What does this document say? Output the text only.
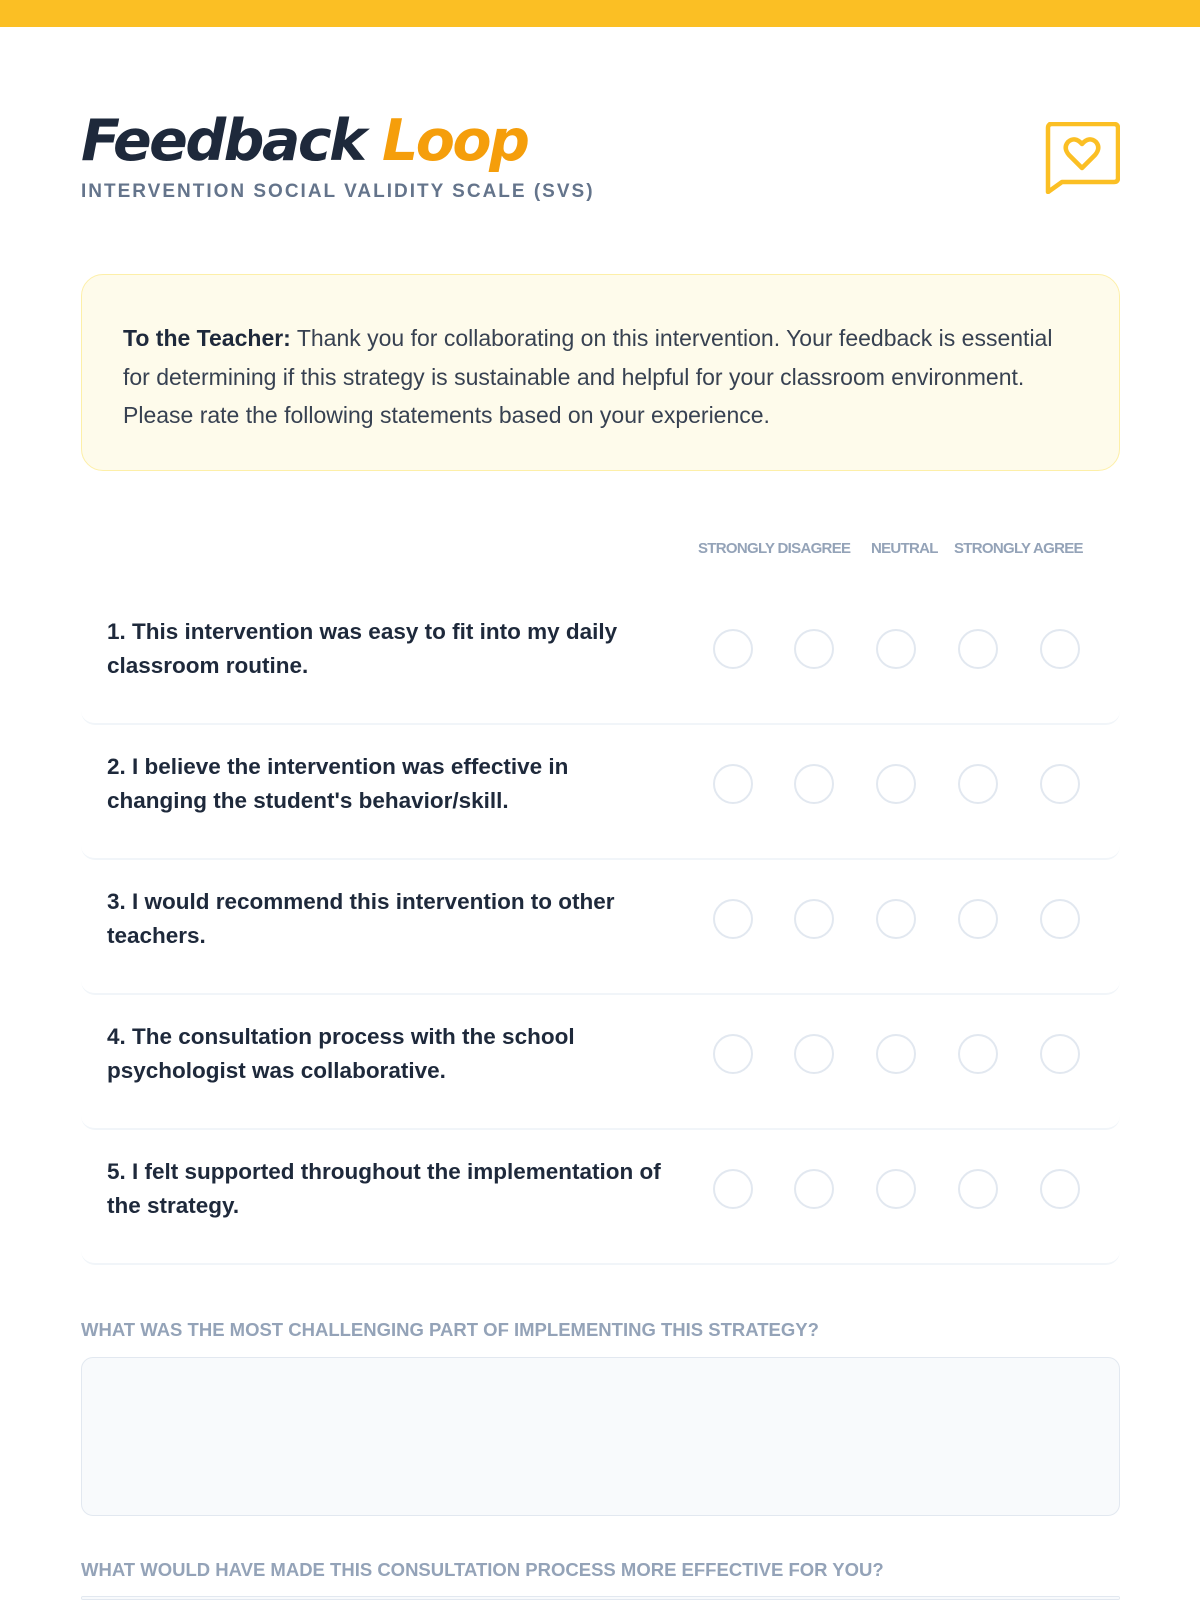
Feedback Loop
INTERVENTION SOCIAL VALIDITY SCALE (SVS)
To the Teacher: Thank you for collaborating on this intervention. Your feedback is essential for determining if this strategy is sustainable and helpful for your classroom environment. Please rate the following statements based on your experience.
STRONGLY DISAGREE NEUTRAL STRONGLY AGREE
1. This intervention was easy to fit into my daily classroom routine.
2. I believe the intervention was effective in changing the student's behavior/skill.
3. I would recommend this intervention to other teachers.
4. The consultation process with the school psychologist was collaborative.
5. I felt supported throughout the implementation of the strategy.
WHAT WAS THE MOST CHALLENGING PART OF IMPLEMENTING THIS STRATEGY?
WHAT WOULD HAVE MADE THIS CONSULTATION PROCESS MORE EFFECTIVE FOR YOU?
